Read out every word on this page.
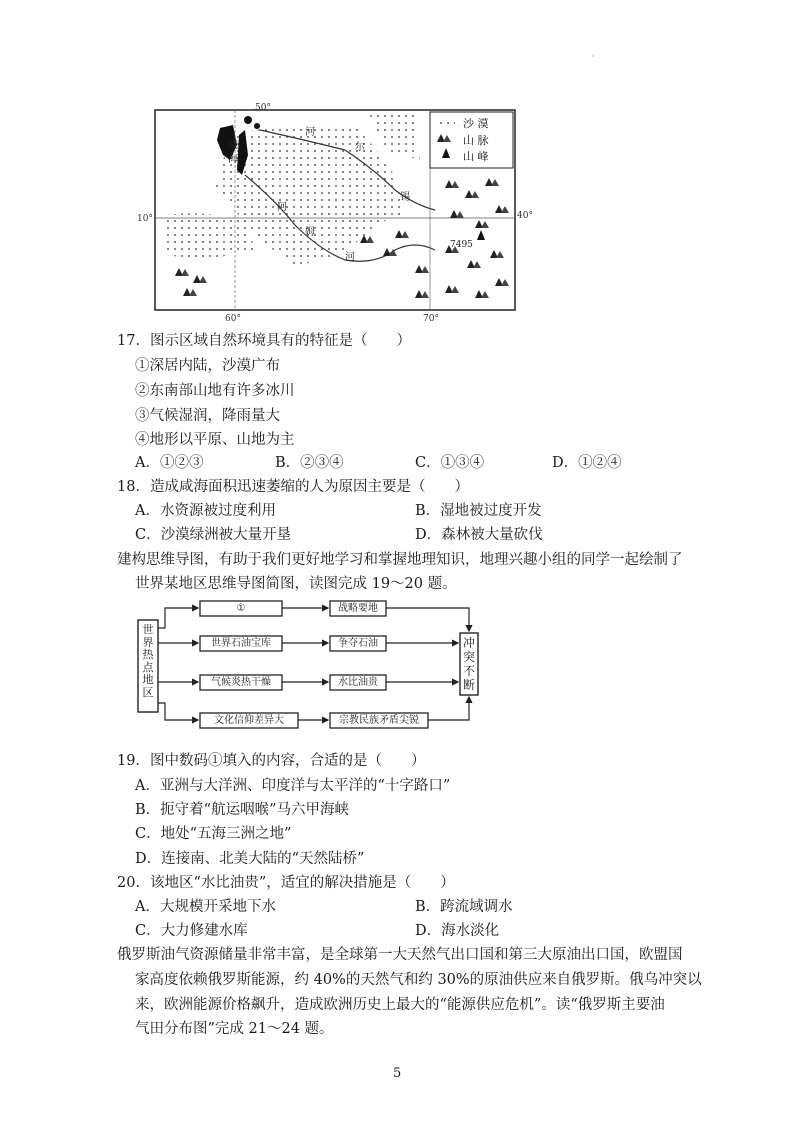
·
50°
10°	40°
60°	70°
7495
咸
海
阿
姆
河
锡
尔
河
沙 漠
山 脉
山 峰
17．图示区域自然环境具有的特征是（　　）
①深居内陆，沙漠广布
②东南部山地有许多冰川
③气候湿润，降雨量大
④地形以平原、山地为主
A．①②③	B．②③④	C．①③④	D．①②④
18．造成咸海面积迅速萎缩的人为原因主要是（　　）
A．水资源被过度利用	B．湿地被过度开发
C．沙漠绿洲被大量开垦	D．森林被大量砍伐
建构思维导图，有助于我们更好地学习和掌握地理知识，地理兴趣小组的同学一起绘制了
世界某地区思维导图简图，读图完成 19～20 题。
世界热点地区
冲突不断
①
世界石油宝库
气候炎热干燥
文化信仰差异大
战略要地
争夺石油
水比油贵
宗教民族矛盾尖锐
19．图中数码①填入的内容，合适的是（　　）
A．亚洲与大洋洲、印度洋与太平洋的“十字路口”
B．扼守着“航运咽喉”马六甲海峡
C．地处“五海三洲之地”
D．连接南、北美大陆的“天然陆桥”
20．该地区“水比油贵”，适宜的解决措施是（　　）
A．大规模开采地下水	B．跨流域调水
C．大力修建水库	D．海水淡化
俄罗斯油气资源储量非常丰富，是全球第一大天然气出口国和第三大原油出口国，欧盟国
家高度依赖俄罗斯能源，约 40%的天然气和约 30%的原油供应来自俄罗斯。俄乌冲突以
来，欧洲能源价格飙升，造成欧洲历史上最大的“能源供应危机”。读“俄罗斯主要油
气田分布图”完成 21～24 题。
5
